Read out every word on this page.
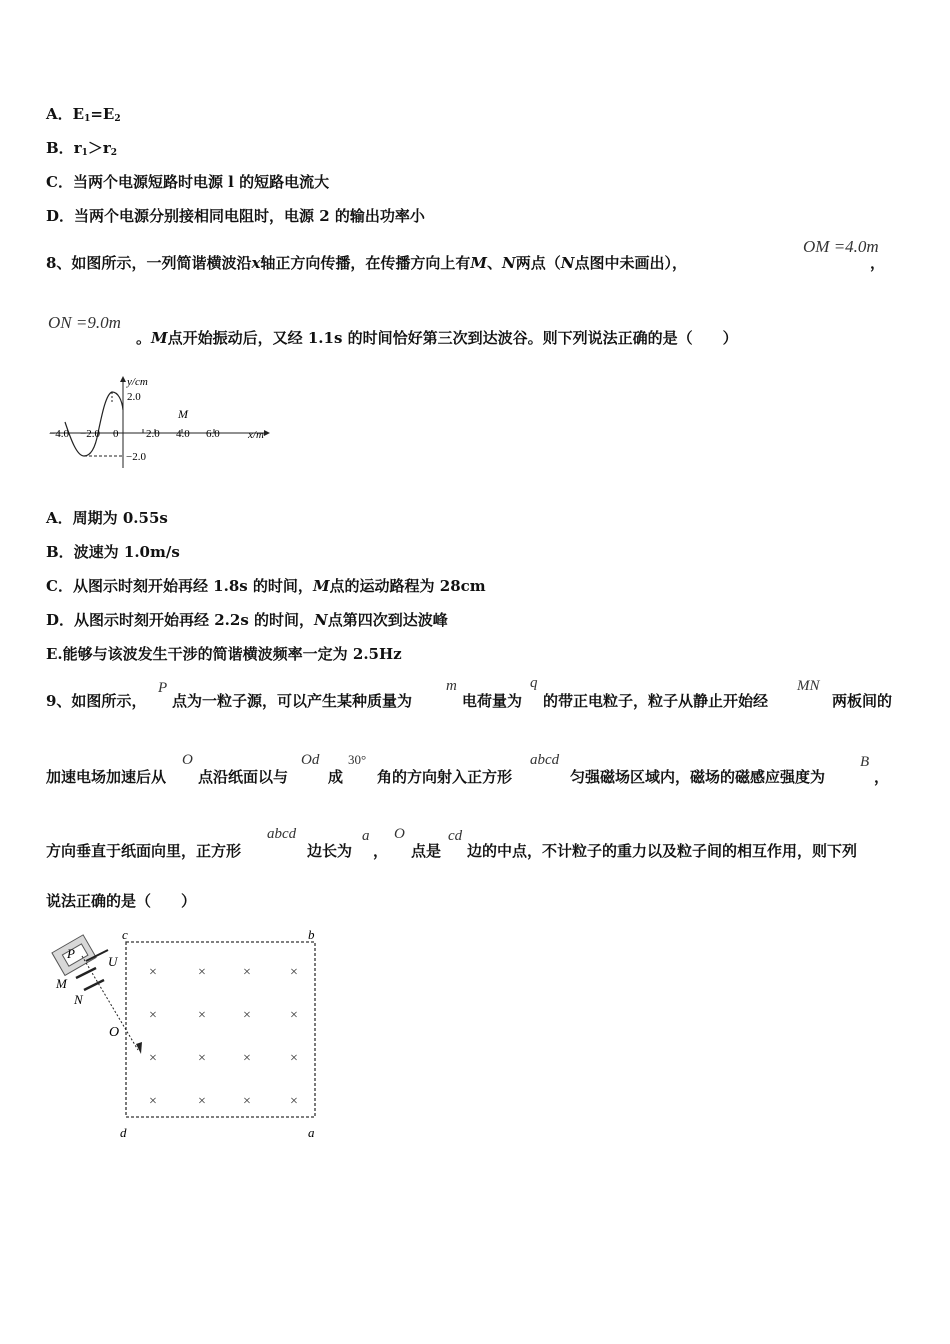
A．$E_1=E_2$
B．$r_1>r_2$
C．当两个电源短路时电源 l 的短路电流大
D．当两个电源分别接相同电阻时，电源 2 的输出功率小
8、如图所示，一列简谐横波沿x轴正方向传播，在传播方向上有M、N两点（N点图中未画出），
OM =4.0m
，
ON =9.0m
。M点开始振动后，又经 1.1s 的时间恰好第三次到达波谷。则下列说法正确的是（　　）
y/cm
2.0
−2.0
M
−4.0 −2.0 0	2.0 4.0 6.0	x/m
A．周期为 0.55s
B．波速为 1.0m/s
C．从图示时刻开始再经 1.8s 的时间，M点的运动路程为 28cm
D．从图示时刻开始再经 2.2s 的时间，N点第四次到达波峰
E.能够与该波发生干涉的简谐横波频率一定为 2.5Hz
9、如图所示，
P
点为一粒子源，可以产生某种质量为
m
电荷量为
q
的带正电粒子，粒子从静止开始经
MN
两板间的
加速电场加速后从
O
点沿纸面以与
Od
成
30°
角的方向射入正方形
abcd
匀强磁场区域内，磁场的磁感应强度为
B
，
方向垂直于纸面向里，正方形
abcd
边长为
a
，
O
点是
cd
边的中点，不计粒子的重力以及粒子间的相互作用，则下列
说法正确的是（　　）
c	b
d	a
×	×	×	×
×	×	×	×
×	×	×	×
×	×	×	×
P
U
M
N
O
